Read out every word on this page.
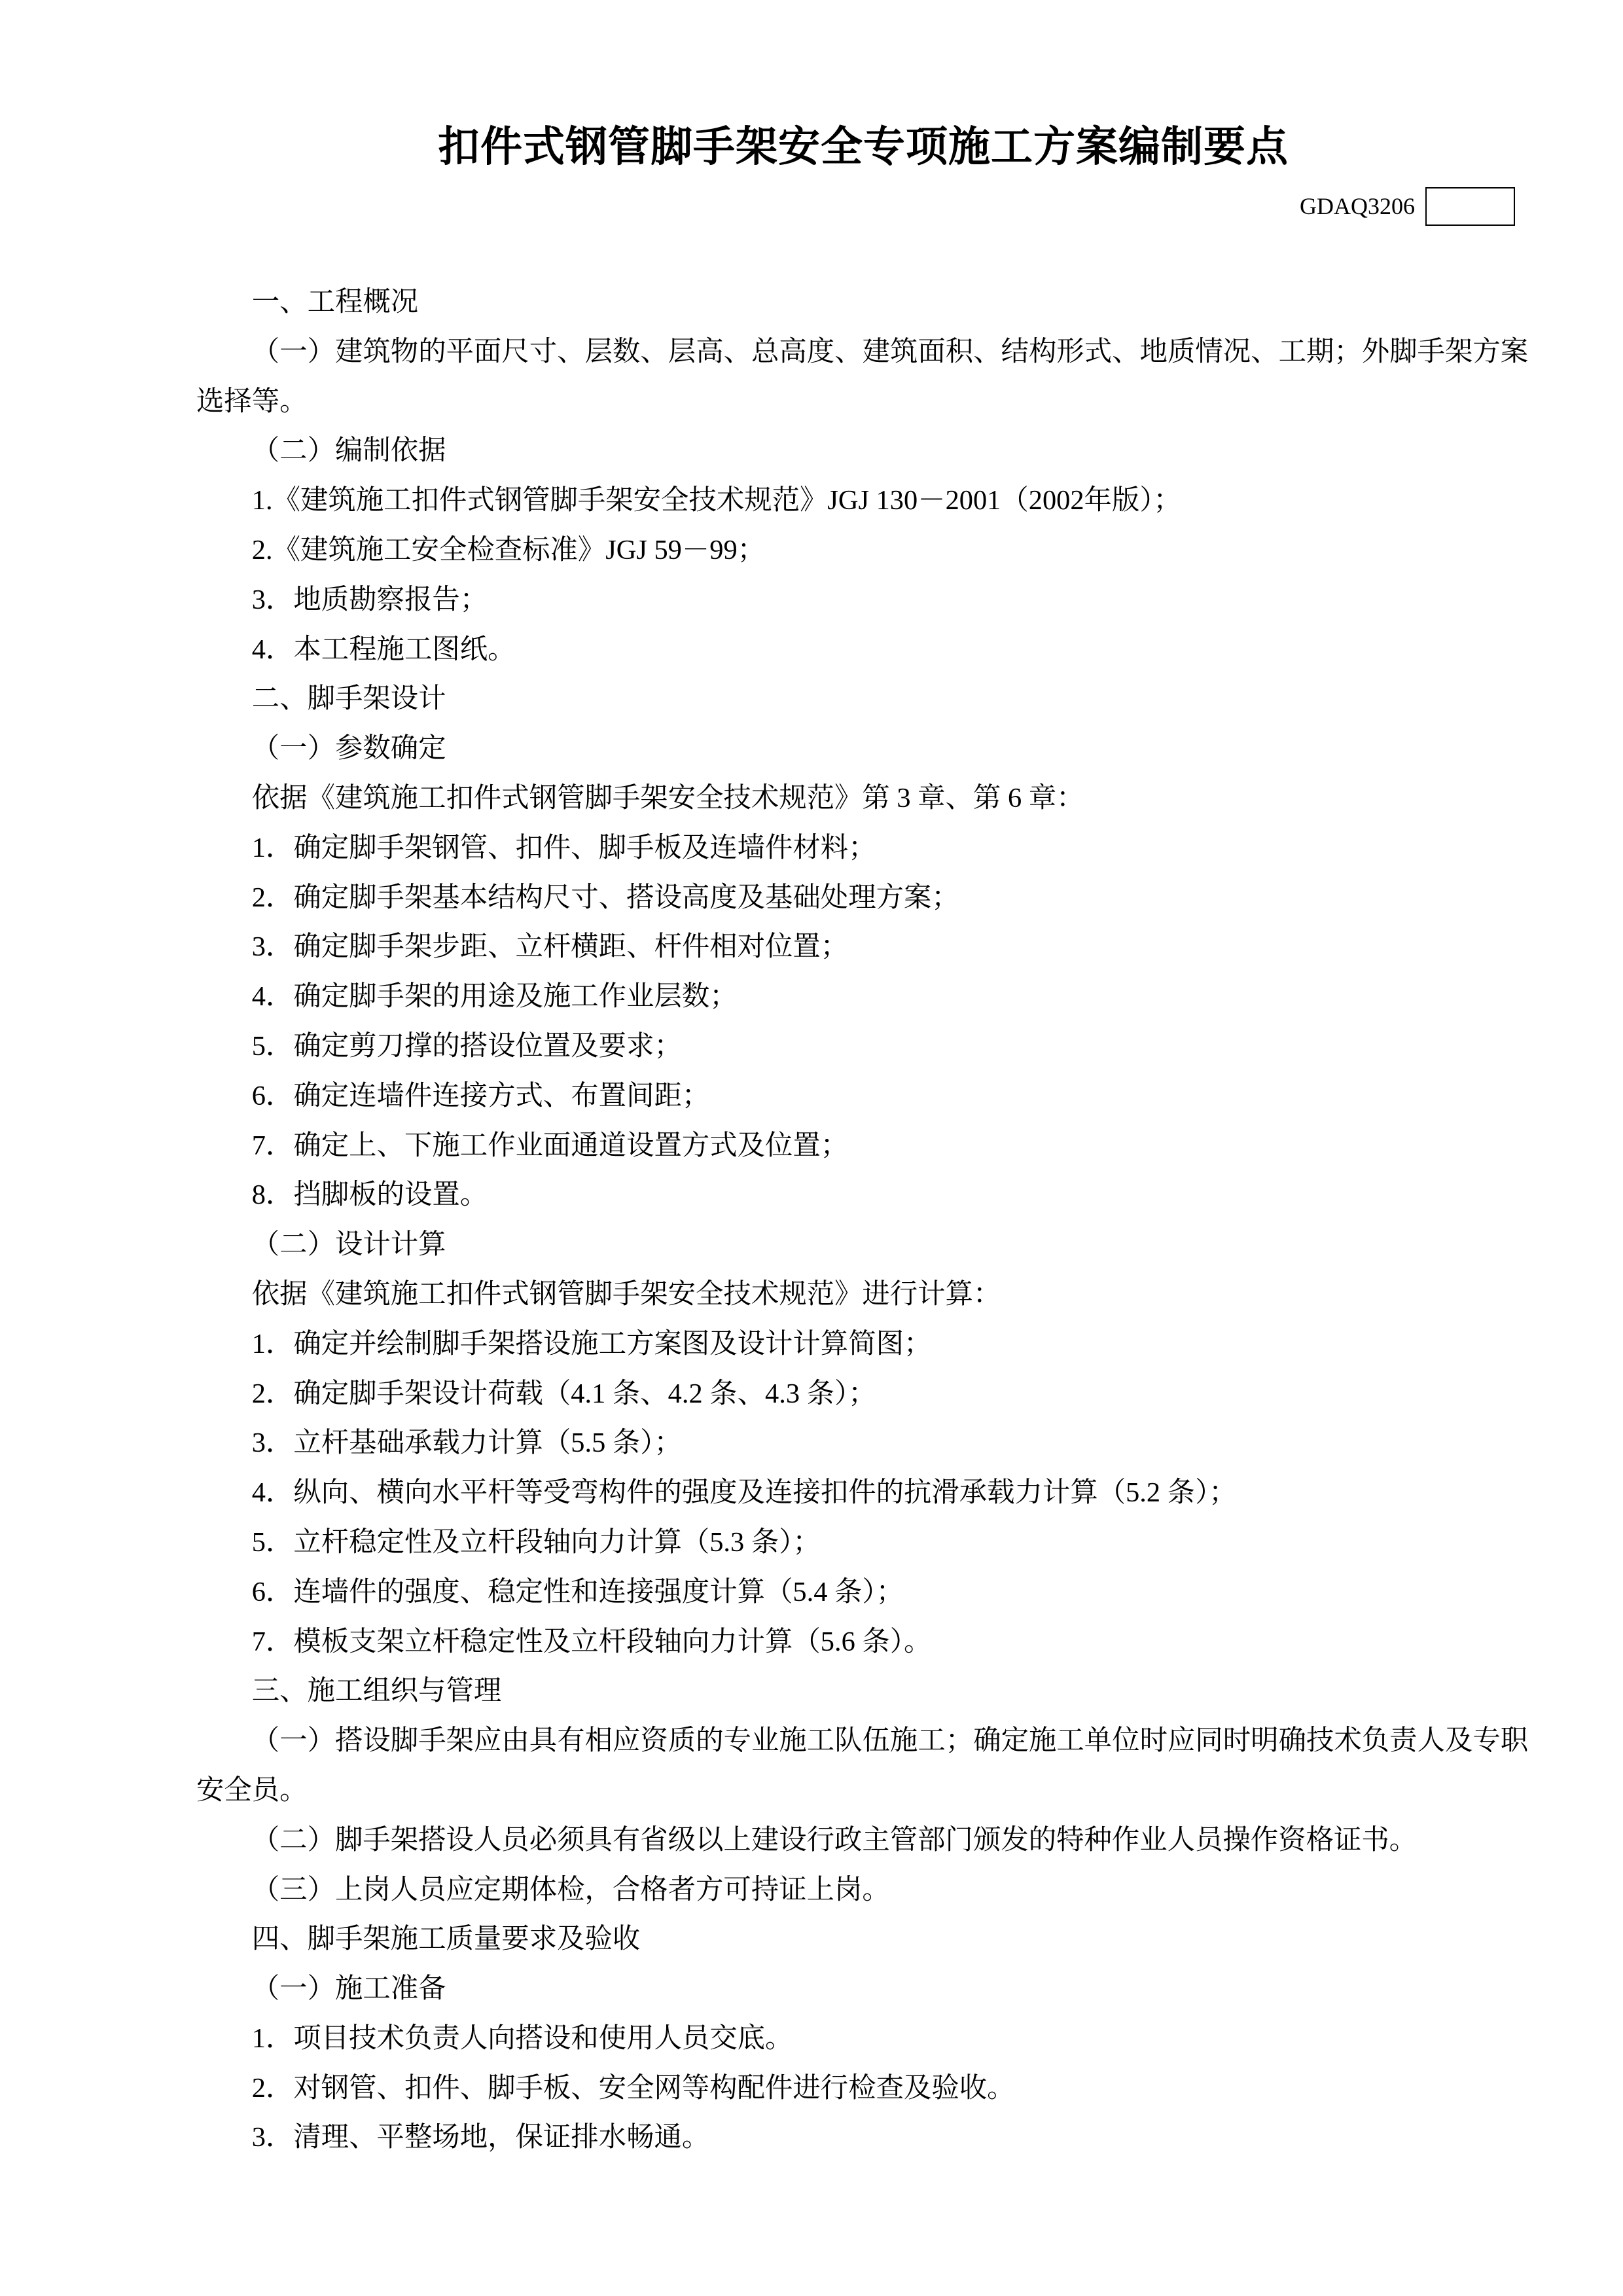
扣件式钢管脚手架安全专项施工方案编制要点
GDAQ3206

一、工程概况

（一）建筑物的平面尺寸、层数、层高、总高度、建筑面积、结构形式、地质情况、工期；外脚手架方案选择等。

（二）编制依据

1.《建筑施工扣件式钢管脚手架安全技术规范》JGJ 130－2001（2002年版）；

2.《建筑施工安全检查标准》JGJ 59－99；

3．地质勘察报告；

4．本工程施工图纸。

二、脚手架设计

（一）参数确定

依据《建筑施工扣件式钢管脚手架安全技术规范》第 3 章、第 6 章：

1．确定脚手架钢管、扣件、脚手板及连墙件材料；

2．确定脚手架基本结构尺寸、搭设高度及基础处理方案；

3．确定脚手架步距、立杆横距、杆件相对位置；

4．确定脚手架的用途及施工作业层数；

5．确定剪刀撑的搭设位置及要求；

6．确定连墙件连接方式、布置间距；

7．确定上、下施工作业面通道设置方式及位置；

8．挡脚板的设置。

（二）设计计算

依据《建筑施工扣件式钢管脚手架安全技术规范》进行计算：

1．确定并绘制脚手架搭设施工方案图及设计计算简图；

2．确定脚手架设计荷载（4.1 条、4.2 条、4.3 条）；

3．立杆基础承载力计算（5.5 条）；

4．纵向、横向水平杆等受弯构件的强度及连接扣件的抗滑承载力计算（5.2 条）；

5．立杆稳定性及立杆段轴向力计算（5.3 条）；

6．连墙件的强度、稳定性和连接强度计算（5.4 条）；

7．模板支架立杆稳定性及立杆段轴向力计算（5.6 条）。

三、施工组织与管理

（一）搭设脚手架应由具有相应资质的专业施工队伍施工；确定施工单位时应同时明确技术负责人及专职安全员。

（二）脚手架搭设人员必须具有省级以上建设行政主管部门颁发的特种作业人员操作资格证书。

（三）上岗人员应定期体检，合格者方可持证上岗。

四、脚手架施工质量要求及验收

（一）施工准备

1．项目技术负责人向搭设和使用人员交底。

2．对钢管、扣件、脚手板、安全网等构配件进行检查及验收。

3．清理、平整场地，保证排水畅通。
